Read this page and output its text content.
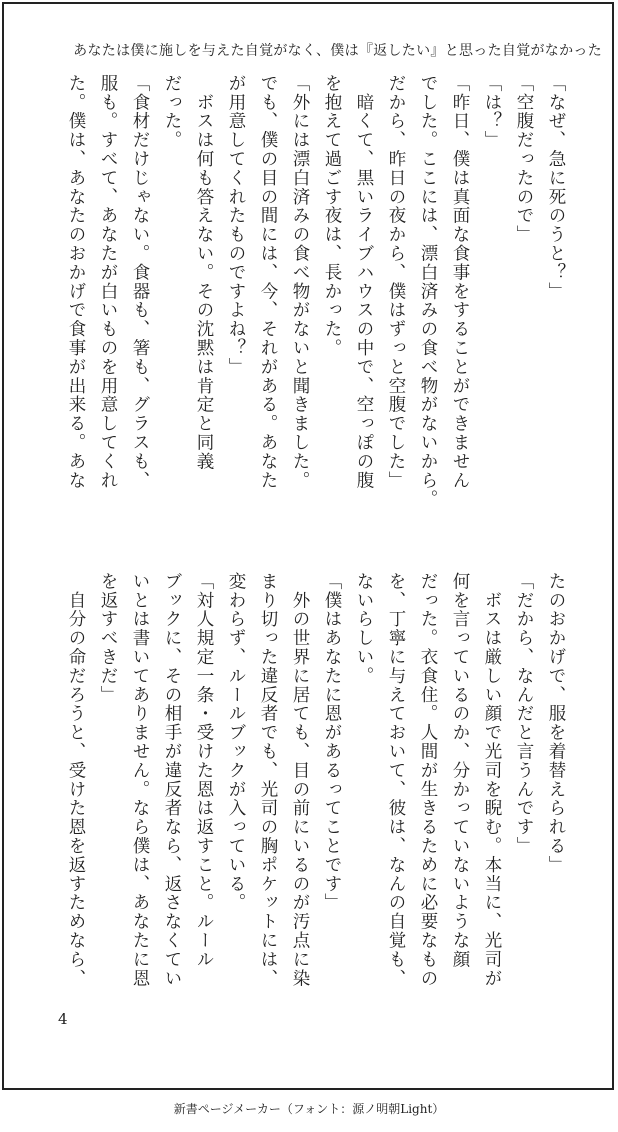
あなたは僕に施しを与えた自覚がなく、僕は『返したい』と思った自覚がなかった
「なぜ、急に死のうと？」
「空腹だったので」
「は？」
「昨日、僕は真面な食事をすることができません
でした。ここには、漂白済みの食べ物がないから。
だから、昨日の夜から、僕はずっと空腹でした」
　暗くて、黒いライブハウスの中で、空っぽの腹
を抱えて過ごす夜は、長かった。
「外には漂白済みの食べ物がないと聞きました。
でも、僕の目の間には、今、それがある。あなた
が用意してくれたものですよね？」
　ボスは何も答えない。その沈黙は肯定と同義
だった。
「食材だけじゃない。食器も、箸も、グラスも、
服も。すべて、あなたが白いものを用意してくれ
た。僕は、あなたのおかげで食事が出来る。あな
たのおかげで、服を着替えられる」
「だから、なんだと言うんです」
　ボスは厳しい顔で光司を睨む。本当に、光司が
何を言っているのか、分かっていないような顔
だった。衣食住。人間が生きるために必要なもの
を、丁寧に与えておいて、彼は、なんの自覚も、
ないらしい。
「僕はあなたに恩があるってことです」
　外の世界に居ても、目の前にいるのが汚点に染
まり切った違反者でも、光司の胸ポケットには、
変わらず、ルールブックが入っている。
「対人規定一条・受けた恩は返すこと。ルール
ブックに、その相手が違反者なら、返さなくてい
いとは書いてありません。なら僕は、あなたに恩
を返すべきだ」
　自分の命だろうと、受けた恩を返すためなら、
4
新書ページメーカー（フォント：源ノ明朝Light）
